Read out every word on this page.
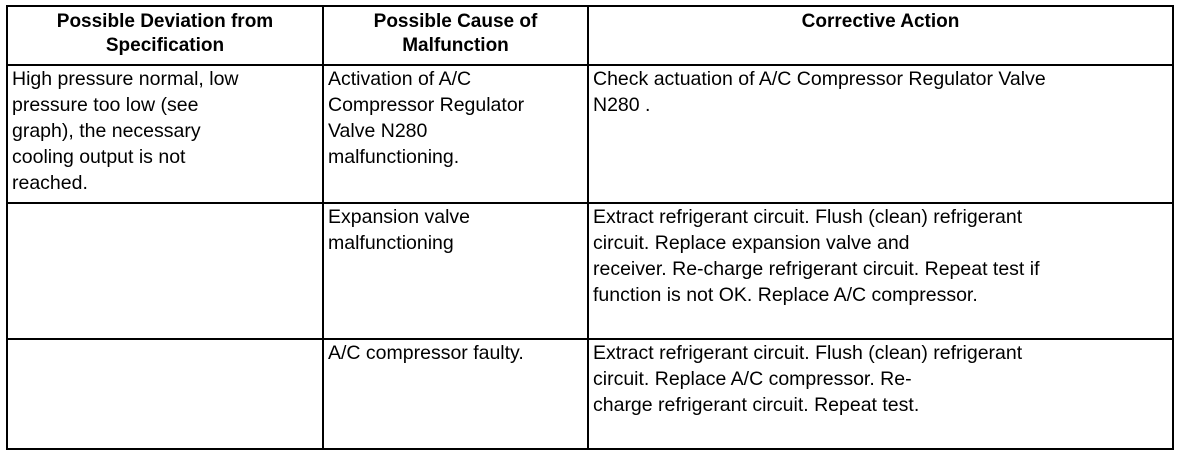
Possible Deviation from
Specification	Possible Cause of
Malfunction	Corrective Action

High pressure normal, low
pressure too low (see
graph), the necessary
cooling output is not
reached.	Activation of A/C
Compressor Regulator
Valve N280
malfunctioning.	Check actuation of A/C Compressor Regulator Valve
N280 .

	Expansion valve
malfunctioning	Extract refrigerant circuit. Flush (clean) refrigerant
circuit. Replace expansion valve and
receiver. Re-charge refrigerant circuit. Repeat test if
function is not OK. Replace A/C compressor.

	A/C compressor faulty.	Extract refrigerant circuit. Flush (clean) refrigerant
circuit. Replace A/C compressor. Re-
charge refrigerant circuit. Repeat test.
